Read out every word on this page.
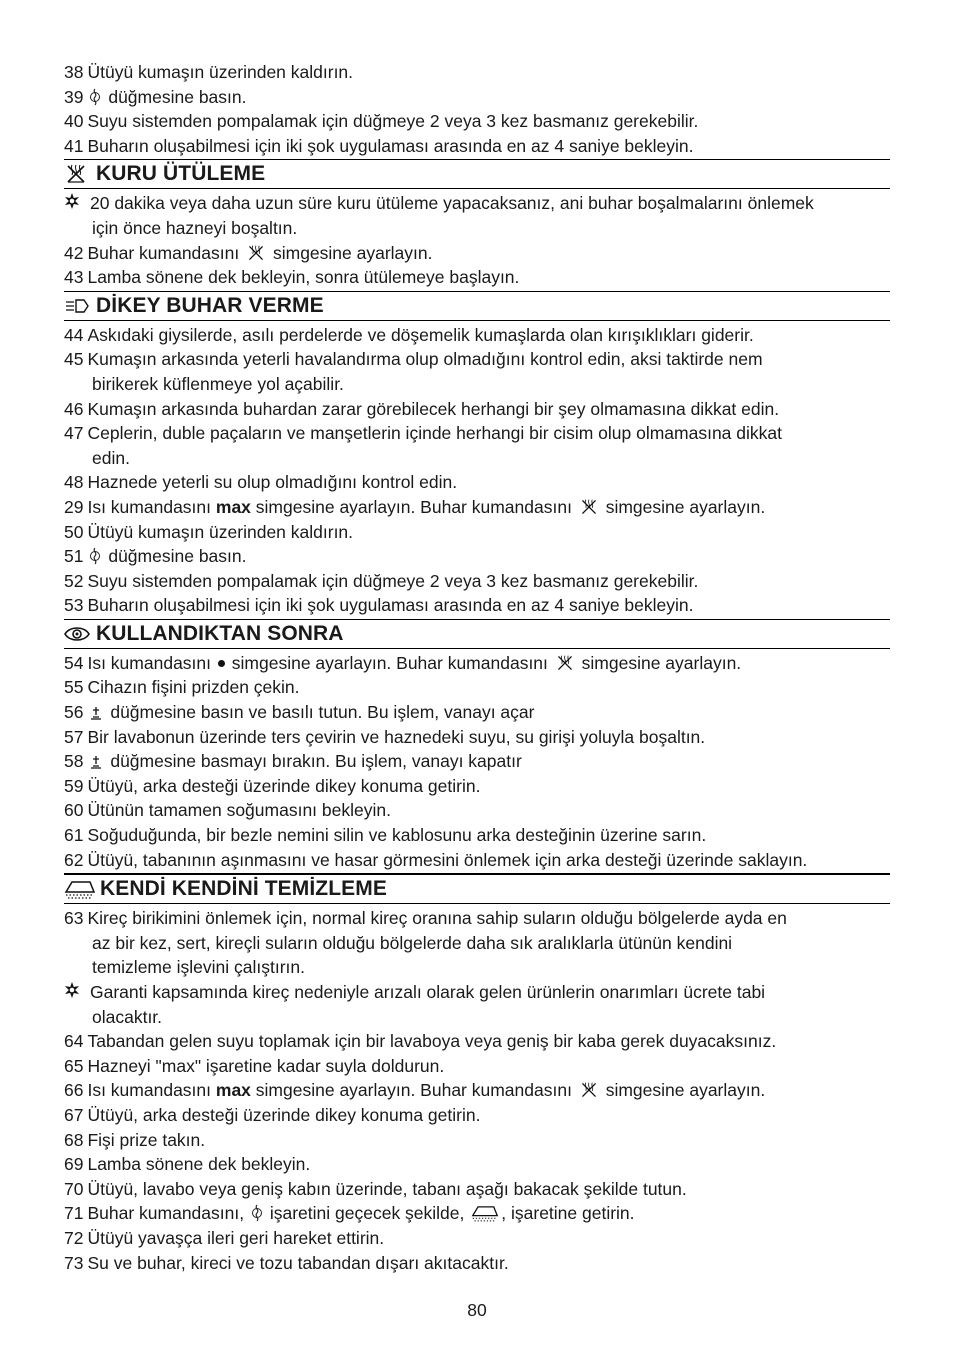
38 Ütüyü kumaşın üzerinden kaldırın.
39	düğmesine basın.
40 Suyu sistemden pompalamak için düğmeye 2 veya 3 kez basmanız gerekebilir.
41 Buharın oluşabilmesi için iki şok uygulaması arasında en az 4 saniye bekleyin.
KURU ÜTÜLEME
20 dakika veya daha uzun süre kuru ütüleme yapacaksanız, ani buhar boşalmalarını önlemek
için önce hazneyi boşaltın.
42 Buhar kumandasını simgesine ayarlayın.
43 Lamba sönene dek bekleyin, sonra ütülemeye başlayın.
DİKEY BUHAR VERME
44 Askıdaki giysilerde, asılı perdelerde ve döşemelik kumaşlarda olan kırışıklıkları giderir.
45 Kumaşın arkasında yeterli havalandırma olup olmadığını kontrol edin, aksi taktirde nem
birikerek küflenmeye yol açabilir.
46 Kumaşın arkasında buhardan zarar görebilecek herhangi bir şey olmamasına dikkat edin.
47 Ceplerin, duble paçaların ve manşetlerin içinde herhangi bir cisim olup olmamasına dikkat
edin.
48 Haznede yeterli su olup olmadığını kontrol edin.
29 Isı kumandasını max simgesine ayarlayın. Buhar kumandasını simgesine ayarlayın.
50 Ütüyü kumaşın üzerinden kaldırın.
51	düğmesine basın.
52 Suyu sistemden pompalamak için düğmeye 2 veya 3 kez basmanız gerekebilir.
53 Buharın oluşabilmesi için iki şok uygulaması arasında en az 4 saniye bekleyin.
KULLANDIKTAN SONRA
54 Isı kumandasını simgesine ayarlayın. Buhar kumandasını simgesine ayarlayın.
55 Cihazın fişini prizden çekin.
56	düğmesine basın ve basılı tutun. Bu işlem, vanayı açar
57 Bir lavabonun üzerinde ters çevirin ve haznedeki suyu, su girişi yoluyla boşaltın.
58	düğmesine basmayı bırakın. Bu işlem, vanayı kapatır
59 Ütüyü, arka desteği üzerinde dikey konuma getirin.
60 Ütünün tamamen soğumasını bekleyin.
61 Soğuduğunda, bir bezle nemini silin ve kablosunu arka desteğinin üzerine sarın.
62 Ütüyü, tabanının aşınmasını ve hasar görmesini önlemek için arka desteği üzerinde saklayın.
KENDİ KENDİNİ TEMİZLEME
63 Kireç birikimini önlemek için, normal kireç oranına sahip suların olduğu bölgelerde ayda en
az bir kez, sert, kireçli suların olduğu bölgelerde daha sık aralıklarla ütünün kendini
temizleme işlevini çalıştırın.
Garanti kapsamında kireç nedeniyle arızalı olarak gelen ürünlerin onarımları ücrete tabi
olacaktır.
64 Tabandan gelen suyu toplamak için bir lavaboya veya geniş bir kaba gerek duyacaksınız.
65 Hazneyi "max" işaretine kadar suyla doldurun.
66 Isı kumandasını max simgesine ayarlayın. Buhar kumandasını simgesine ayarlayın.
67 Ütüyü, arka desteği üzerinde dikey konuma getirin.
68 Fişi prize takın.
69 Lamba sönene dek bekleyin.
70 Ütüyü, lavabo veya geniş kabın üzerinde, tabanı aşağı bakacak şekilde tutun.
71 Buhar kumandasını, işaretini geçecek şekilde, , işaretine getirin.
72 Ütüyü yavaşça ileri geri hareket ettirin.
73 Su ve buhar, kireci ve tozu tabandan dışarı akıtacaktır.
80
